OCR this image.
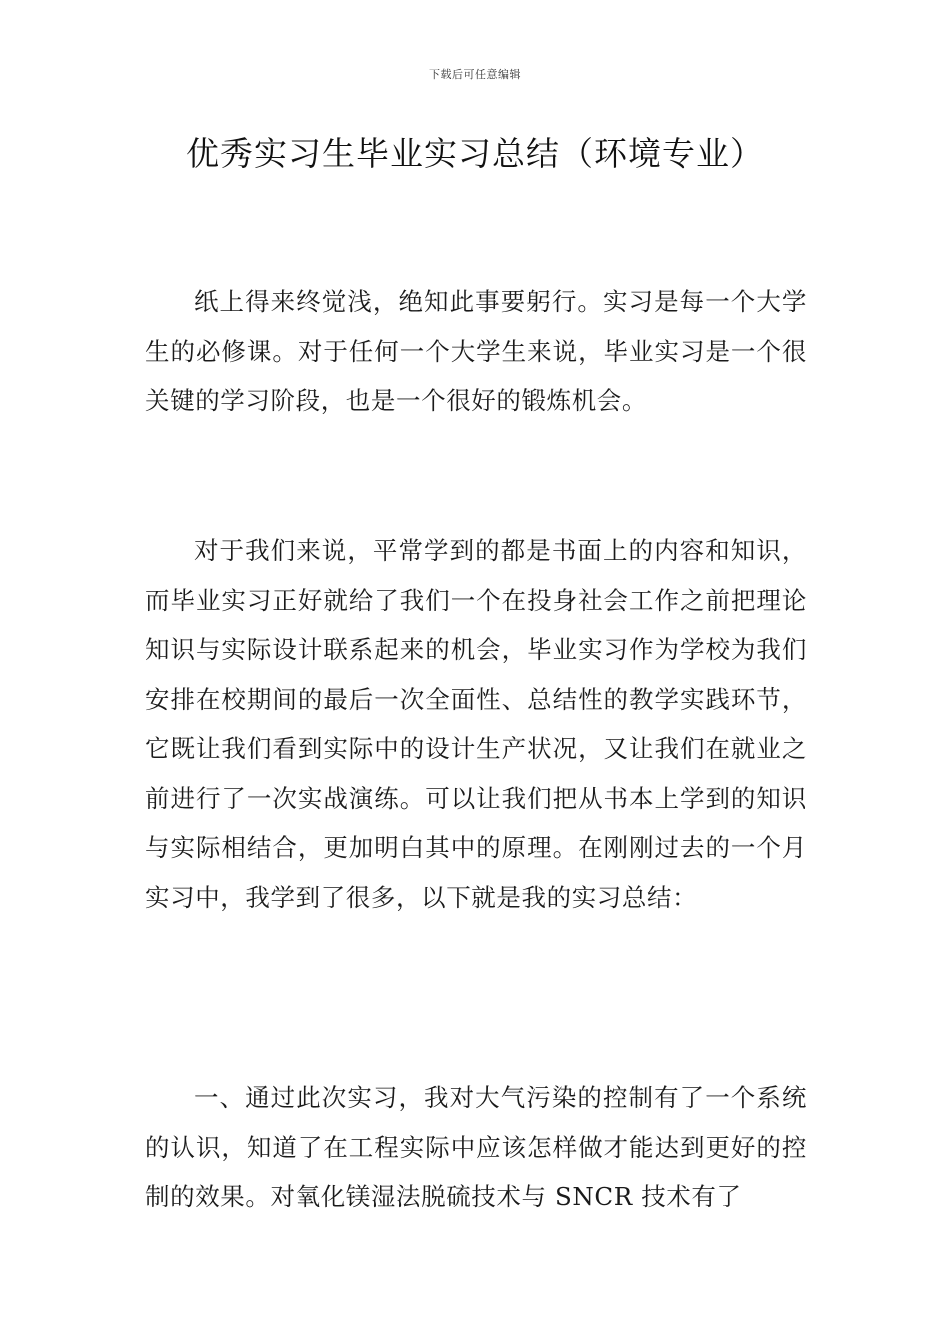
下载后可任意编辑
优秀实习生毕业实习总结（环境专业）

纸上得来终觉浅，绝知此事要躬行。实习是每一个大学生的必修课。对于任何一个大学生来说，毕业实习是一个很关键的学习阶段，也是一个很好的锻炼机会。

对于我们来说，平常学到的都是书面上的内容和知识，而毕业实习正好就给了我们一个在投身社会工作之前把理论知识与实际设计联系起来的机会，毕业实习作为学校为我们安排在校期间的最后一次全面性、总结性的教学实践环节，它既让我们看到实际中的设计生产状况，又让我们在就业之前进行了一次实战演练。可以让我们把从书本上学到的知识与实际相结合，更加明白其中的原理。在刚刚过去的一个月实习中，我学到了很多，以下就是我的实习总结：

一、通过此次实习，我对大气污染的控制有了一个系统的认识，知道了在工程实际中应该怎样做才能达到更好的控制的效果。对氧化镁湿法脱硫技术与 SNCR 技术有了
